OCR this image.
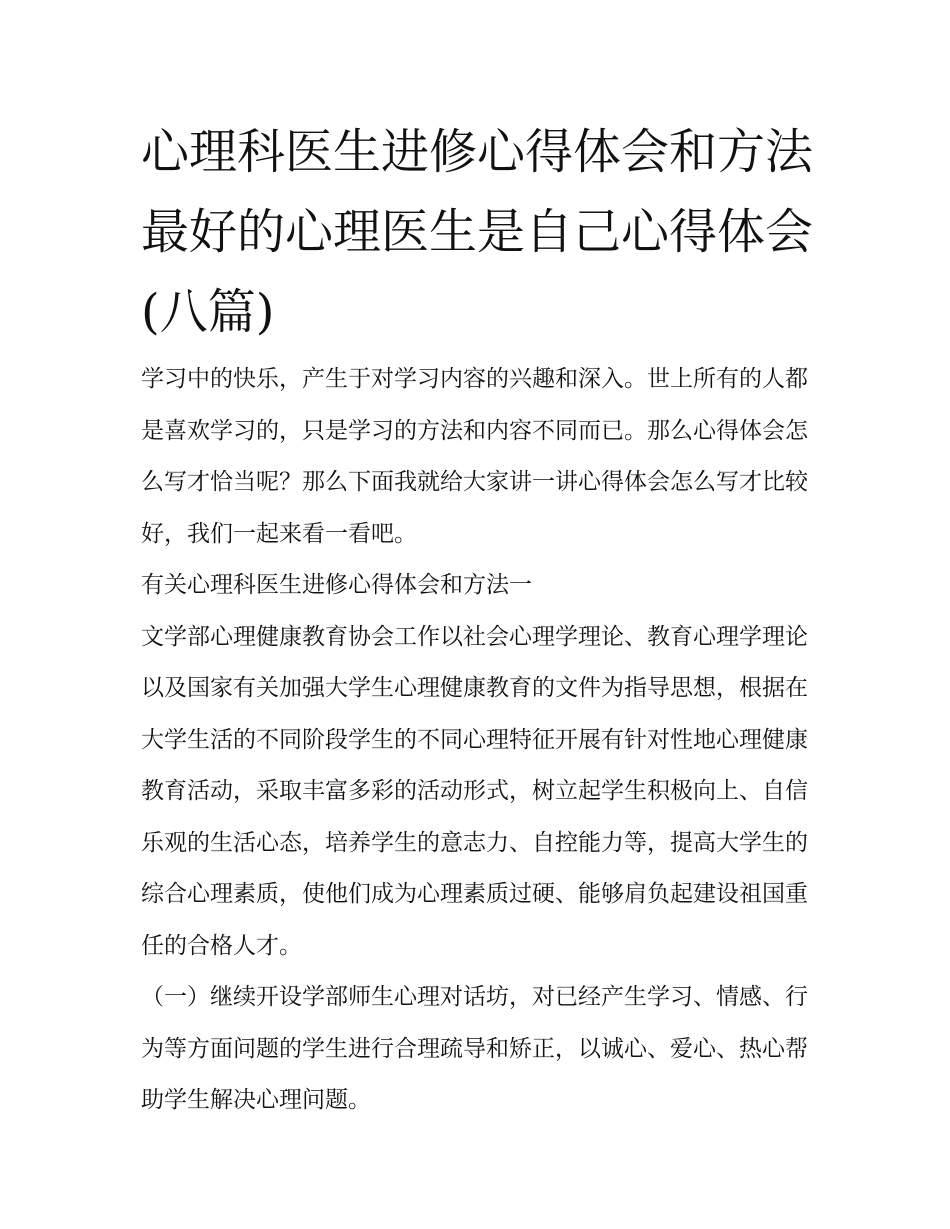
心理科医生进修心得体会和方法 最好的心理医生是自己心得体会(八篇)

学习中的快乐，产生于对学习内容的兴趣和深入。世上所有的人都是喜欢学习的，只是学习的方法和内容不同而已。那么心得体会怎么写才恰当呢？那么下面我就给大家讲一讲心得体会怎么写才比较好，我们一起来看一看吧。

有关心理科医生进修心得体会和方法一

文学部心理健康教育协会工作以社会心理学理论、教育心理学理论以及国家有关加强大学生心理健康教育的文件为指导思想，根据在大学生活的不同阶段学生的不同心理特征开展有针对性地心理健康教育活动，采取丰富多彩的活动形式，树立起学生积极向上、自信乐观的生活心态，培养学生的意志力、自控能力等，提高大学生的综合心理素质，使他们成为心理素质过硬、能够肩负起建设祖国重任的合格人才。

（一）继续开设学部师生心理对话坊，对已经产生学习、情感、行为等方面问题的学生进行合理疏导和矫正，以诚心、爱心、热心帮助学生解决心理问题。
